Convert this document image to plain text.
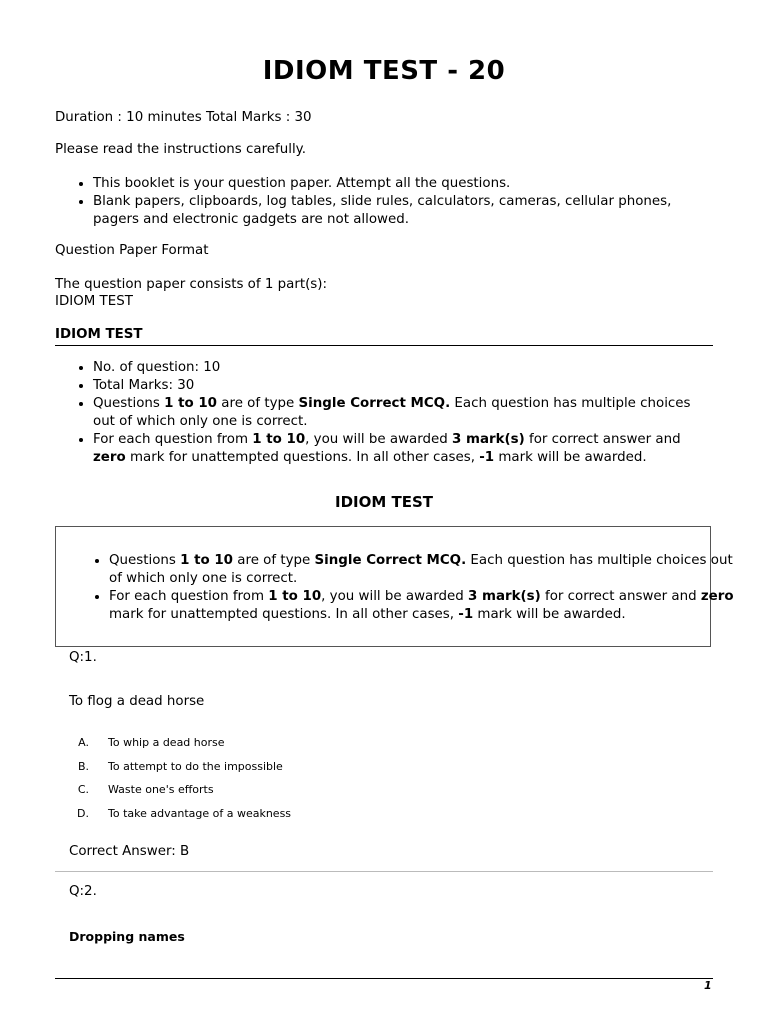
IDIOM TEST - 20
Duration : 10 minutes Total Marks : 30
Please read the instructions carefully.
• This booklet is your question paper. Attempt all the questions.
• Blank papers, clipboards, log tables, slide rules, calculators, cameras, cellular phones, pagers and electronic gadgets are not allowed.
Question Paper Format
The question paper consists of 1 part(s):
IDIOM TEST
IDIOM TEST
• No. of question: 10
• Total Marks: 30
• Questions 1 to 10 are of type Single Correct MCQ. Each question has multiple choices out of which only one is correct.
• For each question from 1 to 10, you will be awarded 3 mark(s) for correct answer and zero mark for unattempted questions. In all other cases, -1 mark will be awarded.
IDIOM TEST
• Questions 1 to 10 are of type Single Correct MCQ. Each question has multiple choices out of which only one is correct.
• For each question from 1 to 10, you will be awarded 3 mark(s) for correct answer and zero mark for unattempted questions. In all other cases, -1 mark will be awarded.
Q:1.
To flog a dead horse
A. To whip a dead horse
B. To attempt to do the impossible
C. Waste one's efforts
D. To take advantage of a weakness
Correct Answer: B
Q:2.
Dropping names
1
